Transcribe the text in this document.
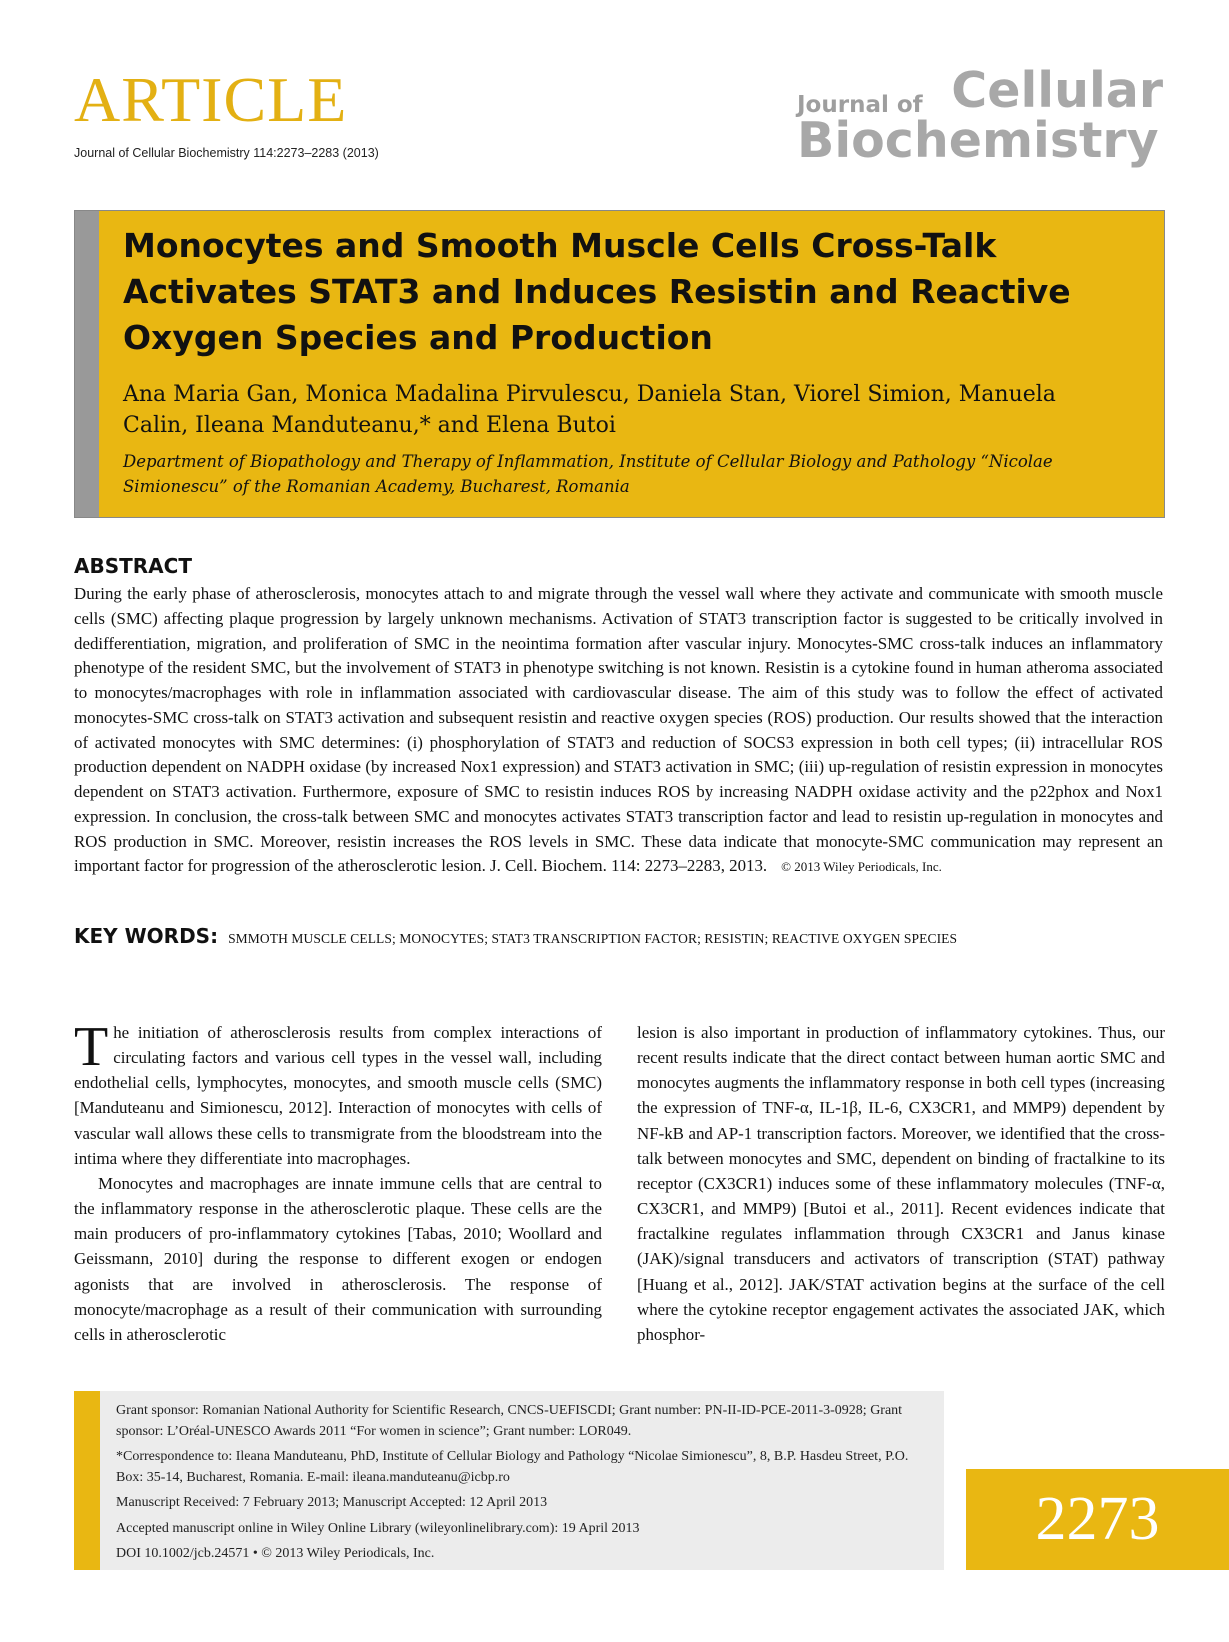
ARTICLE
Journal of Cellular Biochemistry 114:2273–2283 (2013)
Journal of Cellular
Biochemistry
Monocytes and Smooth Muscle Cells Cross-Talk Activates STAT3 and Induces Resistin and Reactive Oxygen Species and Production
Ana Maria Gan, Monica Madalina Pirvulescu, Daniela Stan, Viorel Simion, Manuela Calin, Ileana Manduteanu,* and Elena Butoi
Department of Biopathology and Therapy of Inflammation, Institute of Cellular Biology and Pathology “Nicolae Simionescu” of the Romanian Academy, Bucharest, Romania
ABSTRACT
During the early phase of atherosclerosis, monocytes attach to and migrate through the vessel wall where they activate and communicate with smooth muscle cells (SMC) affecting plaque progression by largely unknown mechanisms. Activation of STAT3 transcription factor is suggested to be critically involved in dedifferentiation, migration, and proliferation of SMC in the neointima formation after vascular injury. Monocytes-SMC cross-talk induces an inflammatory phenotype of the resident SMC, but the involvement of STAT3 in phenotype switching is not known. Resistin is a cytokine found in human atheroma associated to monocytes/macrophages with role in inflammation associated with cardiovascular disease. The aim of this study was to follow the effect of activated monocytes-SMC cross-talk on STAT3 activation and subsequent resistin and reactive oxygen species (ROS) production. Our results showed that the interaction of activated monocytes with SMC determines: (i) phosphorylation of STAT3 and reduction of SOCS3 expression in both cell types; (ii) intracellular ROS production dependent on NADPH oxidase (by increased Nox1 expression) and STAT3 activation in SMC; (iii) up-regulation of resistin expression in monocytes dependent on STAT3 activation. Furthermore, exposure of SMC to resistin induces ROS by increasing NADPH oxidase activity and the p22phox and Nox1 expression. In conclusion, the cross-talk between SMC and monocytes activates STAT3 transcription factor and lead to resistin up-regulation in monocytes and ROS production in SMC. Moreover, resistin increases the ROS levels in SMC. These data indicate that monocyte-SMC communication may represent an important factor for progression of the atherosclerotic lesion. J. Cell. Biochem. 114: 2273–2283, 2013. © 2013 Wiley Periodicals, Inc.
KEY WORDS: SMMOTH MUSCLE CELLS; MONOCYTES; STAT3 TRANSCRIPTION FACTOR; RESISTIN; REACTIVE OXYGEN SPECIES

The initiation of atherosclerosis results from complex interactions of circulating factors and various cell types in the vessel wall, including endothelial cells, lymphocytes, monocytes, and smooth muscle cells (SMC) [Manduteanu and Simionescu, 2012]. Interaction of monocytes with cells of vascular wall allows these cells to transmigrate from the bloodstream into the intima where they differentiate into macrophages.

Monocytes and macrophages are innate immune cells that are central to the inflammatory response in the atherosclerotic plaque. These cells are the main producers of pro-inflammatory cytokines [Tabas, 2010; Woollard and Geissmann, 2010] during the response to different exogen or endogen agonists that are involved in atherosclerosis. The response of monocyte/macrophage as a result of their communication with surrounding cells in atherosclerotic

lesion is also important in production of inflammatory cytokines. Thus, our recent results indicate that the direct contact between human aortic SMC and monocytes augments the inflammatory response in both cell types (increasing the expression of TNF-α, IL-1β, IL-6, CX3CR1, and MMP9) dependent by NF-kB and AP-1 transcription factors. Moreover, we identified that the cross-talk between monocytes and SMC, dependent on binding of fractalkine to its receptor (CX3CR1) induces some of these inflammatory molecules (TNF-α, CX3CR1, and MMP9) [Butoi et al., 2011]. Recent evidences indicate that fractalkine regulates inflammation through CX3CR1 and Janus kinase (JAK)/signal transducers and activators of transcription (STAT) pathway [Huang et al., 2012]. JAK/STAT activation begins at the surface of the cell where the cytokine receptor engagement activates the associated JAK, which phosphor-

Grant sponsor: Romanian National Authority for Scientific Research, CNCS-UEFISCDI; Grant number: PN-II-ID-PCE-2011-3-0928; Grant sponsor: L’Oréal-UNESCO Awards 2011 “For women in science”; Grant number: LOR049.

*Correspondence to: Ileana Manduteanu, PhD, Institute of Cellular Biology and Pathology “Nicolae Simionescu”, 8, B.P. Hasdeu Street, P.O. Box: 35-14, Bucharest, Romania. E-mail: ileana.manduteanu@icbp.ro

Manuscript Received: 7 February 2013; Manuscript Accepted: 12 April 2013

Accepted manuscript online in Wiley Online Library (wileyonlinelibrary.com): 19 April 2013

DOI 10.1002/jcb.24571 • © 2013 Wiley Periodicals, Inc.

2273
